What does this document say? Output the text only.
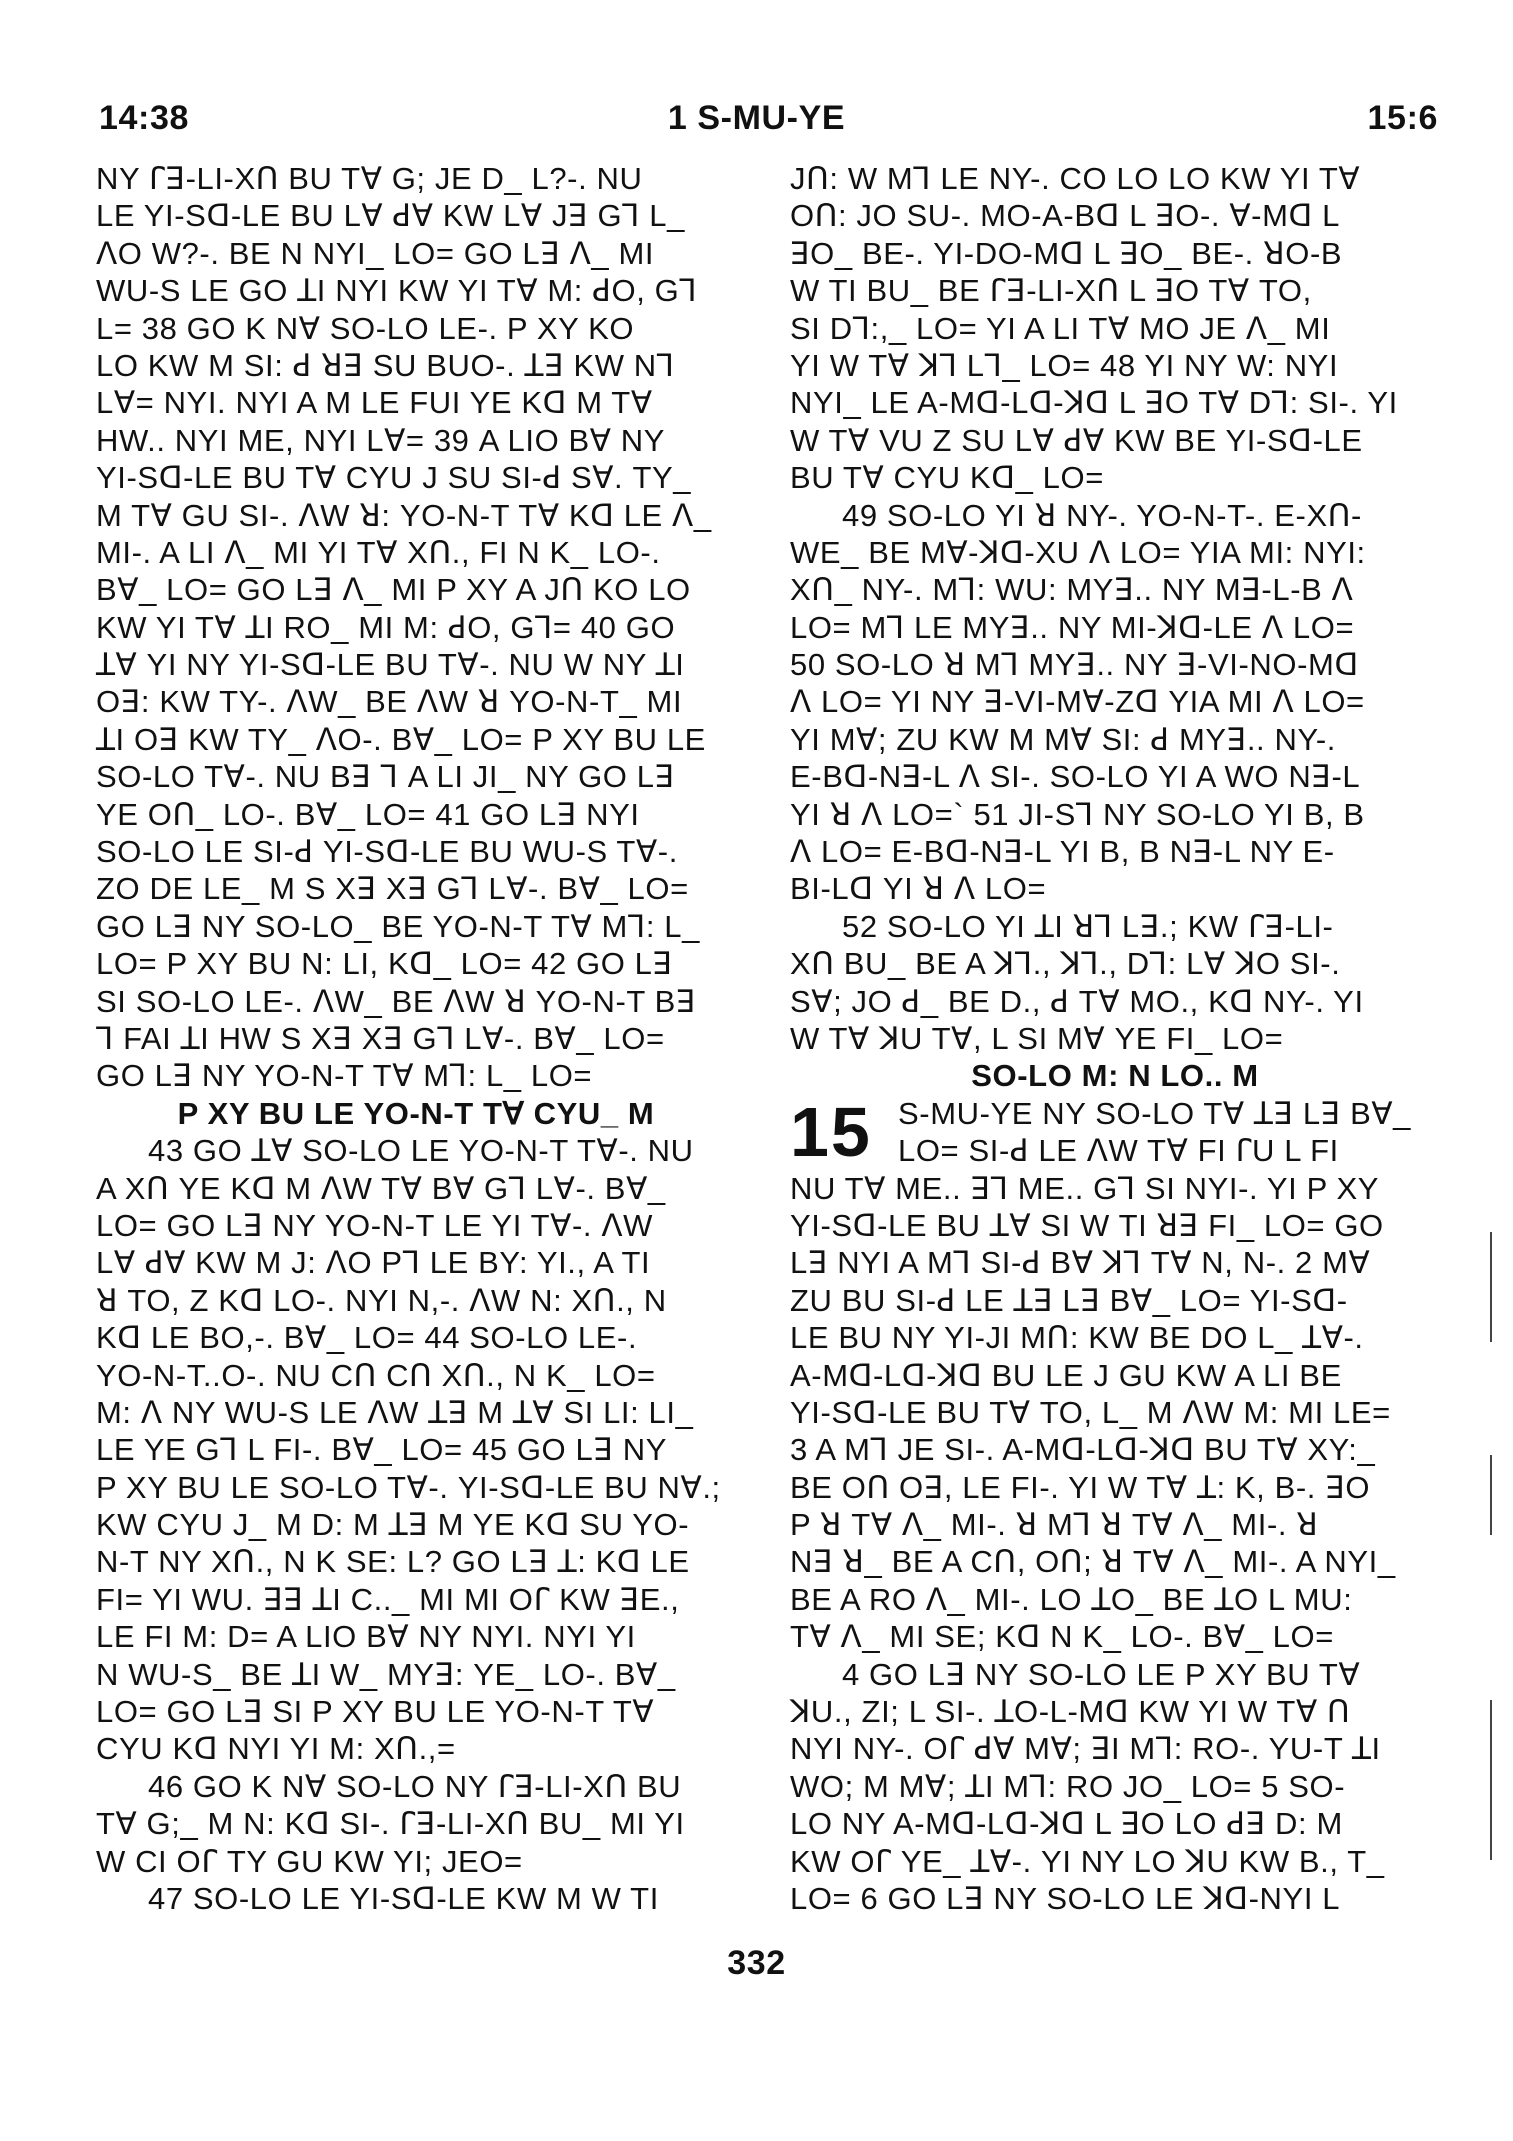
14:38	1 S-MU-YE	15:6
NY ꓩꓱ-LI-Xꓵ BU Tꓯ G; JE D_ L?-. NU
LE YI-Sꓷ-LE BU Lꓯ ꓒꓯ KW Lꓯ Jꓱ Gꓶ L_
ꓥO W?-. BE N NYI_ LO= GO Lꓱ ꓥ_ MI
WU-S LE GO ꓕI NYI KW YI Tꓯ M: ꓒO, Gꓶ
L= 38 GO K Nꓯ SO-LO LE-. P XY KO
LO KW M SI: ꓒ ꓤꓱ SU BUO-. ꓕꓱ KW Nꓶ
Lꓯ= NYI. NYI A M LE FUI YE Kꓷ M Tꓯ
HW.. NYI ME, NYI Lꓯ= 39 A LIO Bꓯ NY
YI-Sꓷ-LE BU Tꓯ CYU J SU SI-ꓒ Sꓯ. TY_
M Tꓯ GU SI-. ꓥW ꓤ: YO-N-T Tꓯ Kꓷ LE ꓥ_
MI-. A LI ꓥ_ MI YI Tꓯ Xꓵ., FI N K_ LO-.
Bꓯ_ LO= GO Lꓱ ꓥ_ MI P XY A Jꓵ KO LO
KW YI Tꓯ ꓕI RO_ MI M: ꓒO, Gꓶ= 40 GO
ꓕꓯ YI NY YI-Sꓷ-LE BU Tꓯ-. NU W NY ꓕI
Oꓱ: KW TY-. ꓥW_ BE ꓥW ꓤ YO-N-T_ MI
ꓕI Oꓱ KW TY_ ꓥO-. Bꓯ_ LO= P XY BU LE
SO-LO Tꓯ-. NU Bꓱ ꓶ A LI JI_ NY GO Lꓱ
YE Oꓵ_ LO-. Bꓯ_ LO= 41 GO Lꓱ NYI
SO-LO LE SI-ꓒ YI-Sꓷ-LE BU WU-S Tꓯ-.
ZO DE LE_ M S Xꓱ Xꓱ Gꓶ Lꓯ-. Bꓯ_ LO=
GO Lꓱ NY SO-LO_ BE YO-N-T Tꓯ Mꓶ: L_
LO= P XY BU N: LI, Kꓷ_ LO= 42 GO Lꓱ
SI SO-LO LE-. ꓥW_ BE ꓥW ꓤ YO-N-T Bꓱ
ꓶ FAI ꓕI HW S Xꓱ Xꓱ Gꓶ Lꓯ-. Bꓯ_ LO=
GO Lꓱ NY YO-N-T Tꓯ Mꓶ: L_ LO=
P XY BU LE YO-N-T Tꓯ CYU_ M
43 GO ꓕꓯ SO-LO LE YO-N-T Tꓯ-. NU
A Xꓵ YE Kꓷ M ꓥW Tꓯ Bꓯ Gꓶ Lꓯ-. Bꓯ_
LO= GO Lꓱ NY YO-N-T LE YI Tꓯ-. ꓥW
Lꓯ ꓒꓯ KW M J: ꓥO Pꓶ LE BY: YI., A TI
ꓤ TO, Z Kꓷ LO-. NYI N,-. ꓥW N: Xꓵ., N
Kꓷ LE BO,-. Bꓯ_ LO= 44 SO-LO LE-.
YO-N-T..O-. NU Cꓵ Cꓵ Xꓵ., N K_ LO=
M: ꓥ NY WU-S LE ꓥW ꓕꓱ M ꓕꓯ SI LI: LI_
LE YE Gꓶ L FI-. Bꓯ_ LO= 45 GO Lꓱ NY
P XY BU LE SO-LO Tꓯ-. YI-Sꓷ-LE BU Nꓯ.;
KW CYU J_ M D: M ꓕꓱ M YE Kꓷ SU YO-
N-T NY Xꓵ., N K SE: L? GO Lꓱ ꓕ: Kꓷ LE
FI= YI WU. ꓱꓱ ꓕI C.._ MI MI Oꓩ KW ꓱE.,
LE FI M: D= A LIO Bꓯ NY NYI. NYI YI
N WU-S_ BE ꓕI W_ MYꓱ: YE_ LO-. Bꓯ_
LO= GO Lꓱ SI P XY BU LE YO-N-T Tꓯ
CYU Kꓷ NYI YI M: Xꓵ.,=
46 GO K Nꓯ SO-LO NY ꓩꓱ-LI-Xꓵ BU
Tꓯ G;_ M N: Kꓷ SI-. ꓩꓱ-LI-Xꓵ BU_ MI YI
W CI Oꓩ TY GU KW YI; JEO=
47 SO-LO LE YI-Sꓷ-LE KW M W TI
Jꓵ: W Mꓶ LE NY-. CO LO LO KW YI Tꓯ
Oꓵ: JO SU-. MO-A-Bꓷ L ꓱO-. ꓯ-Mꓷ L
ꓱO_ BE-. YI-DO-Mꓷ L ꓱO_ BE-. ꓤO-B
W TI BU_ BE ꓩꓱ-LI-Xꓵ L ꓱO Tꓯ TO,
SI Dꓶ:,_ LO= YI A LI Tꓯ MO JE ꓥ_ MI
YI W Tꓯ ꓘꓶ Lꓶ_ LO= 48 YI NY W: NYI
NYI_ LE A-Mꓷ-Lꓷ-ꓘꓷ L ꓱO Tꓯ Dꓶ: SI-. YI
W Tꓯ VU Z SU Lꓯ ꓒꓯ KW BE YI-Sꓷ-LE
BU Tꓯ CYU Kꓷ_ LO=
49 SO-LO YI ꓤ NY-. YO-N-T-. E-Xꓵ-
WE_ BE Mꓯ-ꓘꓷ-XU ꓥ LO= YIA MI: NYI:
Xꓵ_ NY-. Mꓶ: WU: MYꓱ.. NY Mꓱ-L-B ꓥ
LO= Mꓶ LE MYꓱ.. NY MI-ꓘꓷ-LE ꓥ LO=
50 SO-LO ꓤ Mꓶ MYꓱ.. NY ꓱ-VI-NO-Mꓷ
ꓥ LO= YI NY ꓱ-VI-Mꓯ-Zꓷ YIA MI ꓥ LO=
YI Mꓯ; ZU KW M Mꓯ SI: ꓒ MYꓱ.. NY-.
E-Bꓷ-Nꓱ-L ꓥ SI-. SO-LO YI A WO Nꓱ-L
YI ꓤ ꓥ LO=` 51 JI-Sꓶ NY SO-LO YI B, B
ꓥ LO= E-Bꓷ-Nꓱ-L YI B, B Nꓱ-L NY E-
BI-Lꓷ YI ꓤ ꓥ LO=
52 SO-LO YI ꓕI ꓤꓶ Lꓱ.; KW ꓩꓱ-LI-
Xꓵ BU_ BE A ꓘꓶ., ꓘꓶ., Dꓶ: Lꓯ ꓘO SI-.
Sꓯ; JO ꓒ_ BE D., ꓒ Tꓯ MO., Kꓷ NY-. YI
W Tꓯ ꓘU Tꓯ, L SI Mꓯ YE FI_ LO=
SO-LO M: N LO.. M
15 S-MU-YE NY SO-LO Tꓯ ꓕꓱ Lꓱ Bꓯ_
LO= SI-ꓒ LE ꓥW Tꓯ FI ꓩU L FI
NU Tꓯ ME.. ꓱꓶ ME.. Gꓶ SI NYI-. YI P XY
YI-Sꓷ-LE BU ꓕꓯ SI W TI ꓤꓱ FI_ LO= GO
Lꓱ NYI A Mꓶ SI-ꓒ Bꓯ ꓘꓶ Tꓯ N, N-. 2 Mꓯ
ZU BU SI-ꓒ LE ꓕꓱ Lꓱ Bꓯ_ LO= YI-Sꓷ-
LE BU NY YI-JI Mꓵ: KW BE DO L_ ꓕꓯ-.
A-Mꓷ-Lꓷ-ꓘꓷ BU LE J GU KW A LI BE
YI-Sꓷ-LE BU Tꓯ TO, L_ M ꓥW M: MI LE=
3 A Mꓶ JE SI-. A-Mꓷ-Lꓷ-ꓘꓷ BU Tꓯ XY:_
BE Oꓵ Oꓱ, LE FI-. YI W Tꓯ ꓕ: K, B-. ꓱO
P ꓤ Tꓯ ꓥ_ MI-. ꓤ Mꓶ ꓤ Tꓯ ꓥ_ MI-. ꓤ
Nꓱ ꓤ_ BE A Cꓵ, Oꓵ; ꓤ Tꓯ ꓥ_ MI-. A NYI_
BE A RO ꓥ_ MI-. LO ꓕO_ BE ꓕO L MU:
Tꓯ ꓥ_ MI SE; Kꓷ N K_ LO-. Bꓯ_ LO=
4 GO Lꓱ NY SO-LO LE P XY BU Tꓯ
ꓘU., ZI; L SI-. ꓕO-L-Mꓷ KW YI W Tꓯ ꓵ
NYI NY-. Oꓩ ꓒꓯ Mꓯ; ꓱI Mꓶ: RO-. YU-T ꓕI
WO; M Mꓯ; ꓕI Mꓶ: RO JO_ LO= 5 SO-
LO NY A-Mꓷ-Lꓷ-ꓘꓷ L ꓱO LO ꓒꓱ D: M
KW Oꓩ YE_ ꓕꓯ-. YI NY LO ꓘU KW B., T_
LO= 6 GO Lꓱ NY SO-LO LE ꓘꓷ-NYI L
332
